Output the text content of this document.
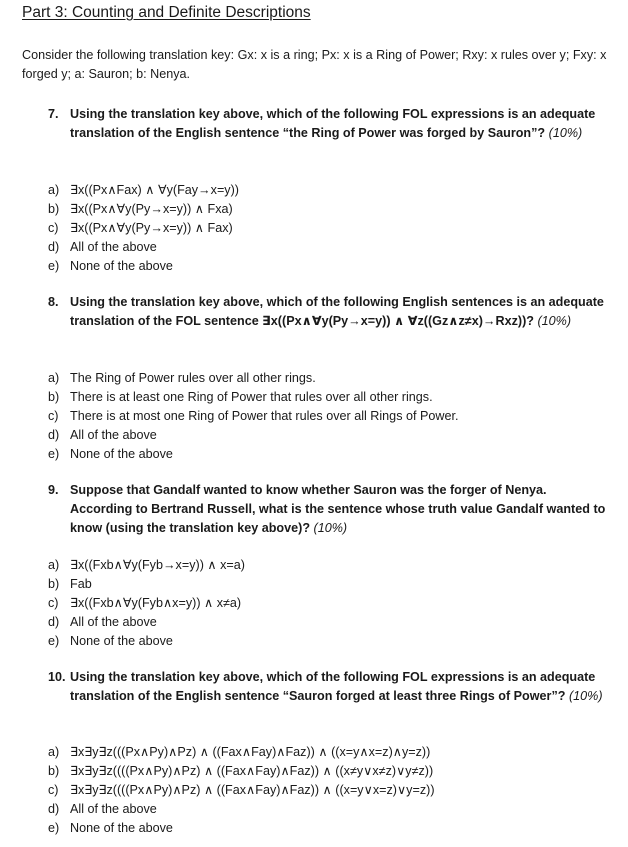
Part 3: Counting and Definite Descriptions
Consider the following translation key: Gx: x is a ring; Px: x is a Ring of Power; Rxy: x rules over y; Fxy: x forged y; a: Sauron; b: Nenya.
7. Using the translation key above, which of the following FOL expressions is an adequate translation of the English sentence “the Ring of Power was forged by Sauron”? (10%)
a) ∃x((Px∧Fax) ∧ ∀y(Fay→x=y))
b) ∃x((Px∧∀y(Py→x=y)) ∧ Fxa)
c) ∃x((Px∧∀y(Py→x=y)) ∧ Fax)
d) All of the above
e) None of the above
8. Using the translation key above, which of the following English sentences is an adequate translation of the FOL sentence ∃x((Px∧∀y(Py→x=y)) ∧ ∀z((Gz∧z≠x)→Rxz))? (10%)
a) The Ring of Power rules over all other rings.
b) There is at least one Ring of Power that rules over all other rings.
c) There is at most one Ring of Power that rules over all Rings of Power.
d) All of the above
e) None of the above
9. Suppose that Gandalf wanted to know whether Sauron was the forger of Nenya. According to Bertrand Russell, what is the sentence whose truth value Gandalf wanted to know (using the translation key above)? (10%)
a) ∃x((Fxb∧∀y(Fyb→x=y)) ∧ x=a)
b) Fab
c) ∃x((Fxb∧∀y(Fyb∧x=y)) ∧ x≠a)
d) All of the above
e) None of the above
10. Using the translation key above, which of the following FOL expressions is an adequate translation of the English sentence “Sauron forged at least three Rings of Power”? (10%)
a) ∃x∃y∃z(((Px∧Py)∧Pz) ∧ ((Fax∧Fay)∧Faz)) ∧ ((x=y∧x=z)∧y=z))
b) ∃x∃y∃z((((Px∧Py)∧Pz) ∧ ((Fax∧Fay)∧Faz)) ∧ ((x≠y∨x≠z)∨y≠z))
c) ∃x∃y∃z((((Px∧Py)∧Pz) ∧ ((Fax∧Fay)∧Faz)) ∧ ((x=y∨x=z)∨y=z))
d) All of the above
e) None of the above
